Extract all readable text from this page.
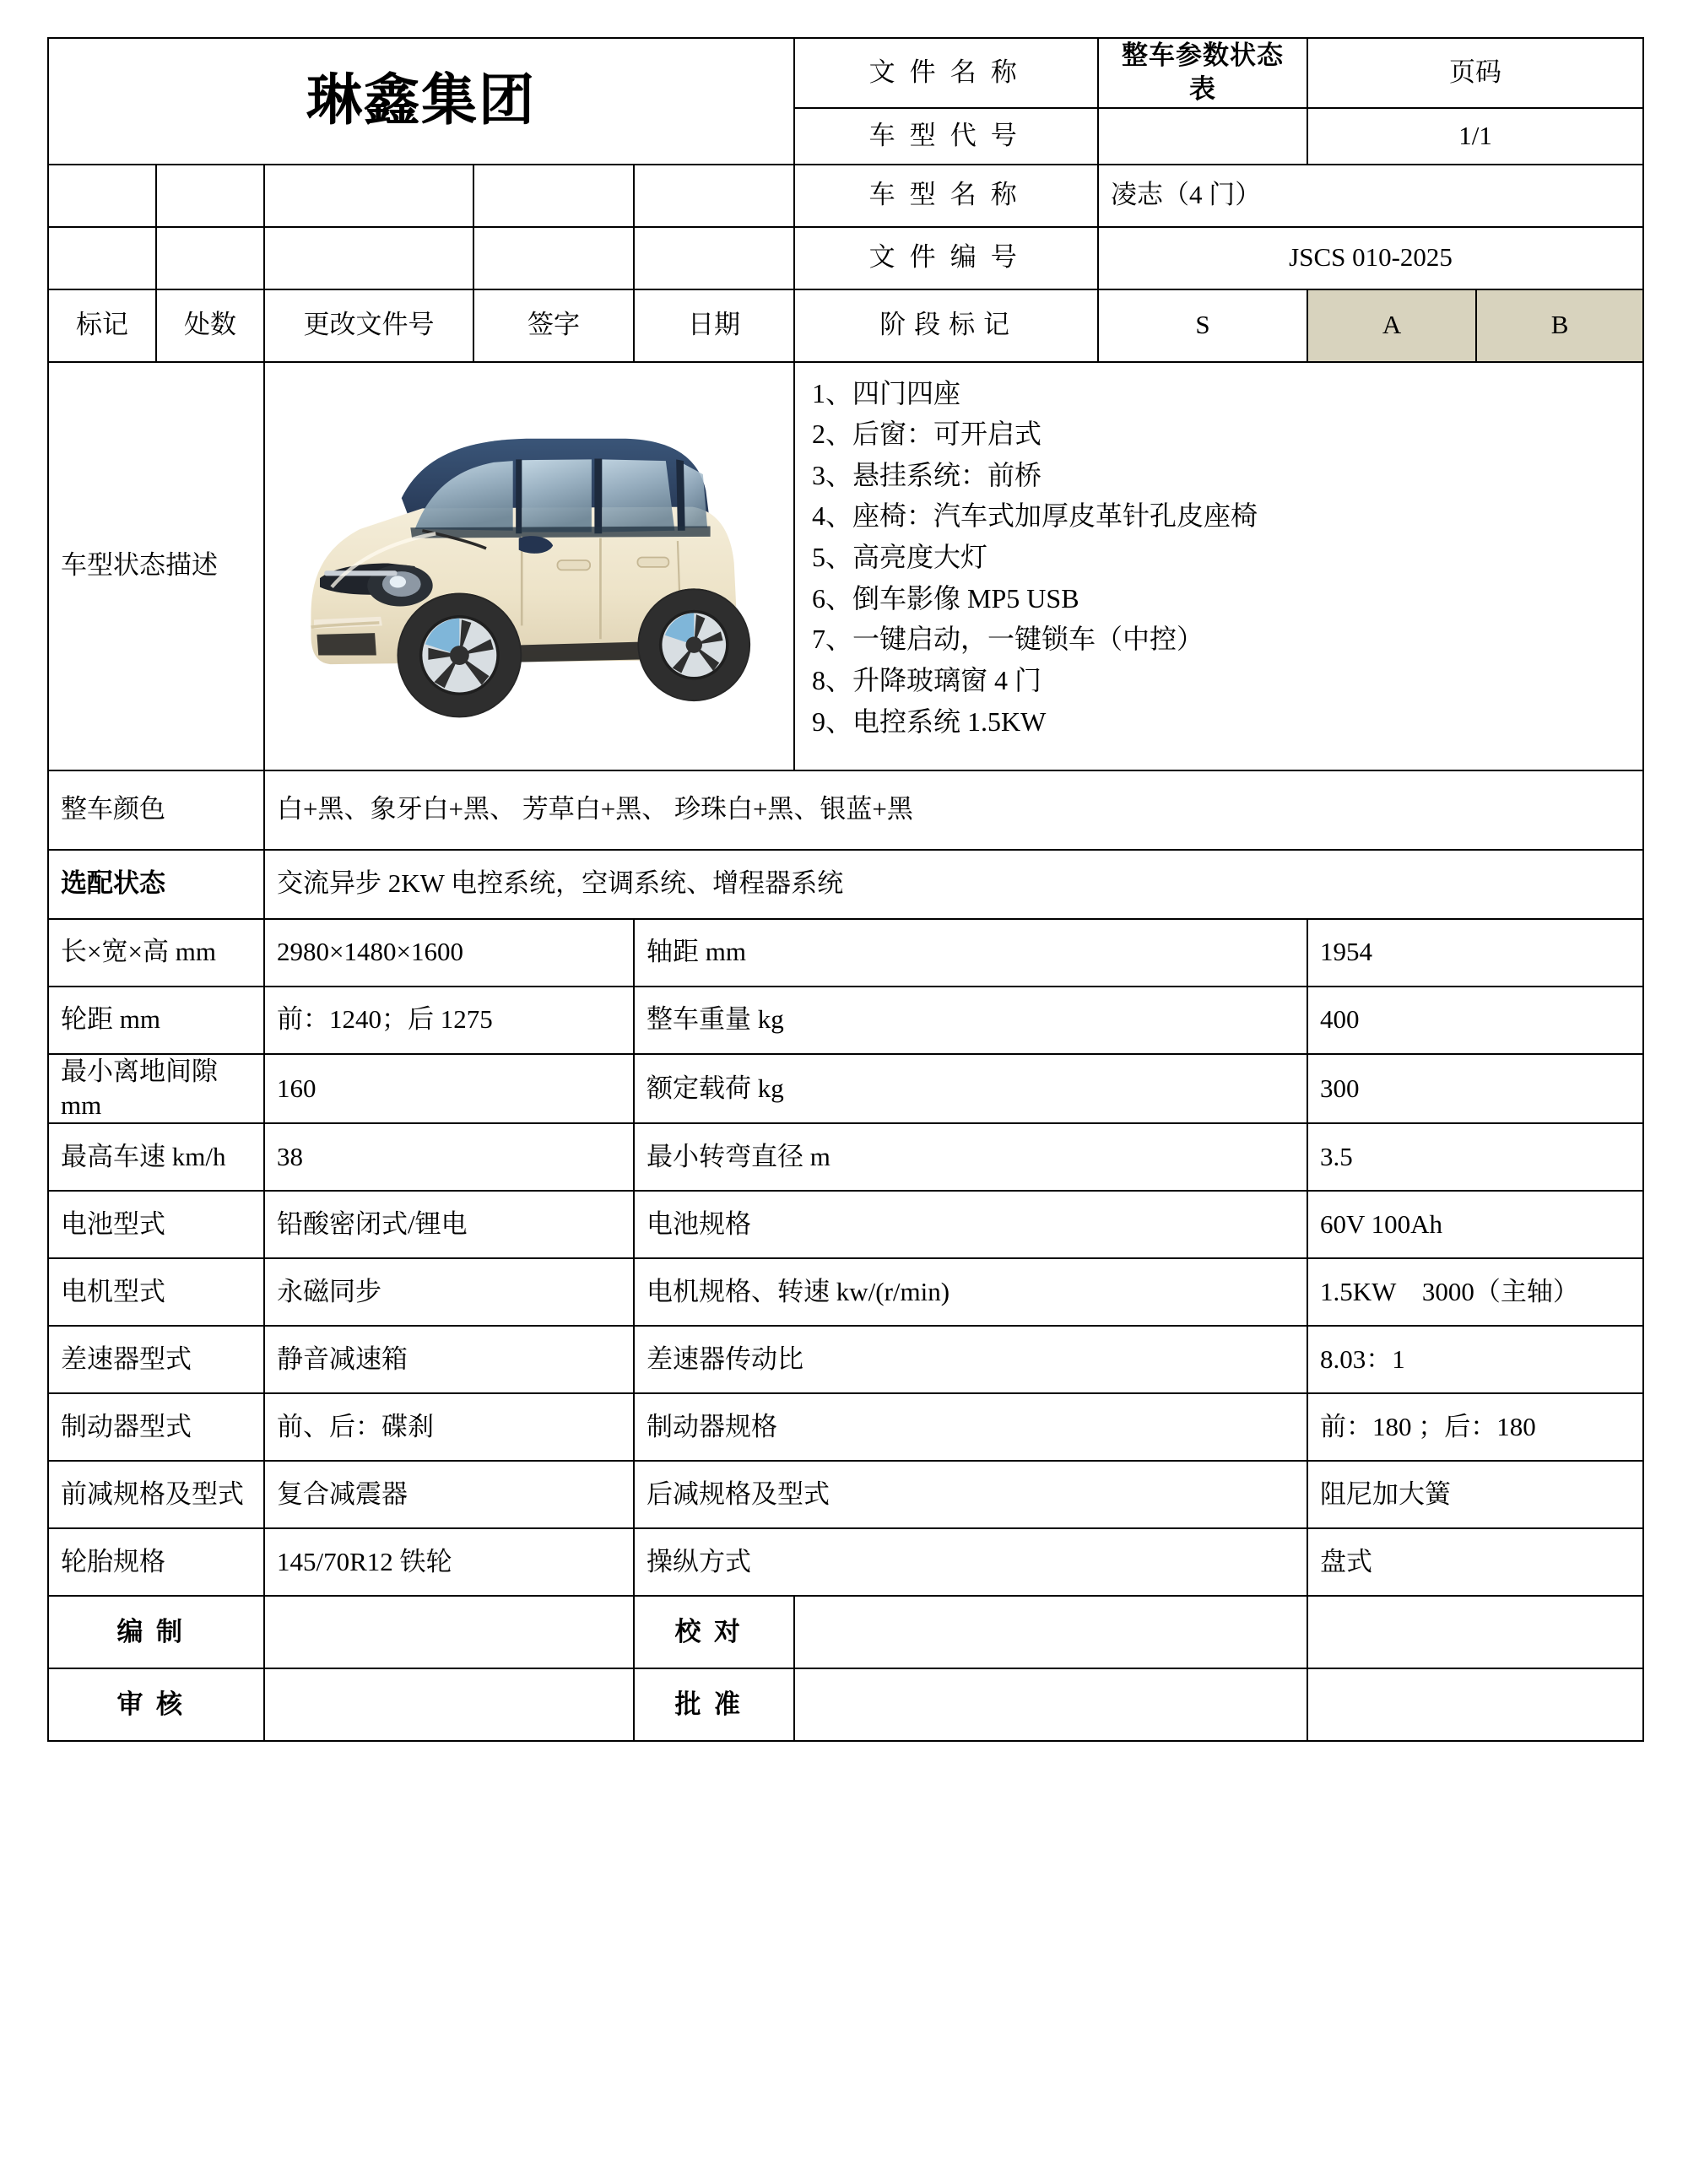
琳鑫集团					文件名称	整车参数状态表	页码	

					车型代号		1/1	

					车型名称	凌志（4 门）		

					文件编号	JSCS 010-2025		
标记	处数	更改文件号	签字	日期	阶段标记	S	A	B
车型状态描述	

1、四门四座
2、后窗：可开启式
3、悬挂系统：前桥
4、座椅：汽车式加厚皮革针孔皮座椅
5、高亮度大灯
6、倒车影像 MP5 USB
7、一键启动，一键锁车（中控）
8、升降玻璃窗 4 门
9、电控系统 1.5KW

整车颜色		白+黑、象牙白+黑、 芳草白+黑、 珍珠白+黑、银蓝+黑						
选配状态		交流异步 2KW 电控系统，空调系统、增程器系统						
长×宽×高 mm		2980×1480×1600		轴距 mm			1954	
轮距 mm		前：1240；后 1275		整车重量 kg			400	
最小离地间隙 mm		160		额定载荷 kg			300	
最高车速 km/h		38		最小转弯直径 m			3.5	
电池型式		铅酸密闭式/锂电		电池规格			60V 100Ah	
电机型式		永磁同步		电机规格、转速 kw/(r/min)			1.5KW　3000（主轴）	
差速器型式		静音减速箱		差速器传动比			8.03：1	
制动器型式		前、后：碟刹		制动器规格			前：180 ；后：180	
前减规格及型式		复合减震器		后减规格及型式			阻尼加大簧	
轮胎规格		145/70R12 铁轮		操纵方式			盘式	
编制				校对				
审核				批准				
